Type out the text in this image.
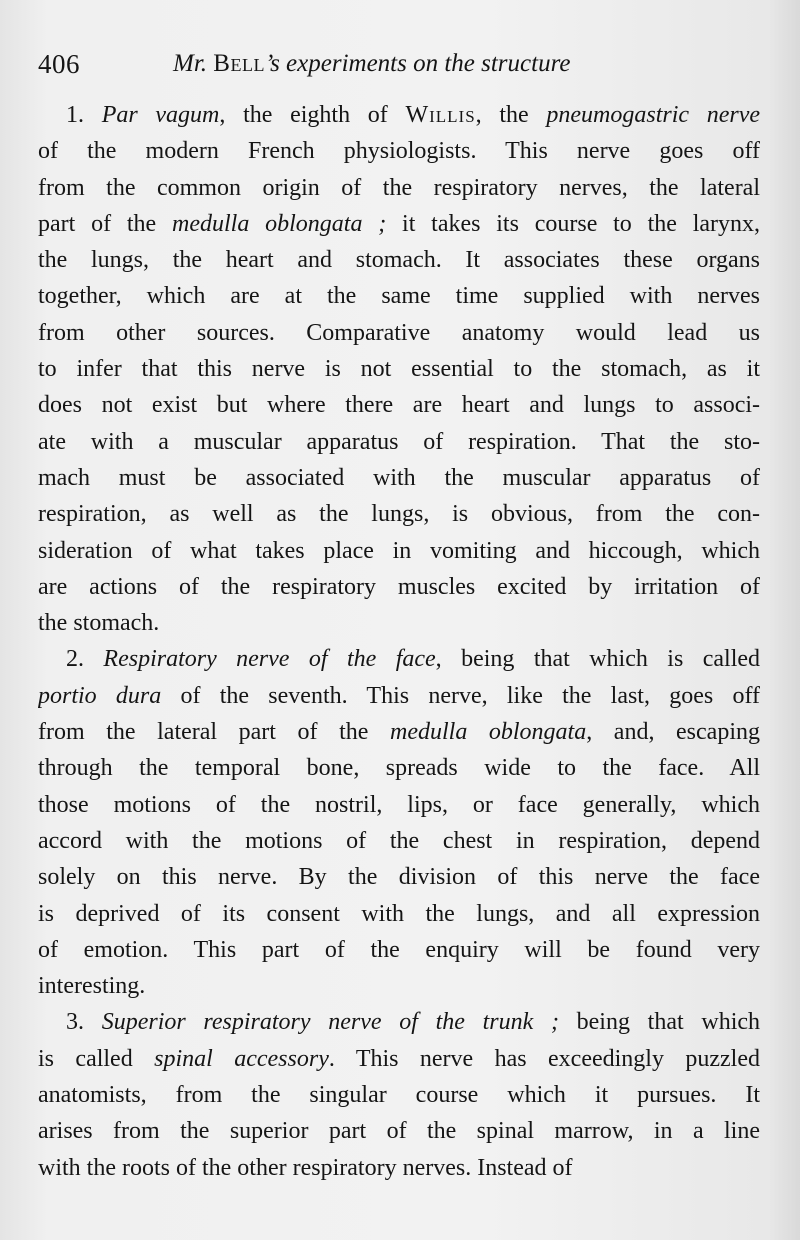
406	Mr. Bell’s experiments on the structure
1. Par vagum, the eighth of Willis, the pneumogastric nerve
of the modern French physiologists. This nerve goes off
from the common origin of the respiratory nerves, the lateral
part of the medulla oblongata ; it takes its course to the larynx,
the lungs, the heart and stomach. It associates these organs
together, which are at the same time supplied with nerves
from other sources. Comparative anatomy would lead us
to infer that this nerve is not essential to the stomach, as it
does not exist but where there are heart and lungs to associ-
ate with a muscular apparatus of respiration. That the sto-
mach must be associated with the muscular apparatus of
respiration, as well as the lungs, is obvious, from the con-
sideration of what takes place in vomiting and hiccough, which
are actions of the respiratory muscles excited by irritation of
the stomach.
2. Respiratory nerve of the face, being that which is called
portio dura of the seventh. This nerve, like the last, goes off
from the lateral part of the medulla oblongata, and, escaping
through the temporal bone, spreads wide to the face. All
those motions of the nostril, lips, or face generally, which
accord with the motions of the chest in respiration, depend
solely on this nerve. By the division of this nerve the face
is deprived of its consent with the lungs, and all expression
of emotion. This part of the enquiry will be found very
interesting.
3. Superior respiratory nerve of the trunk ; being that which
is called spinal accessory. This nerve has exceedingly puzzled
anatomists, from the singular course which it pursues. It
arises from the superior part of the spinal marrow, in a line
with the roots of the other respiratory nerves. Instead of
